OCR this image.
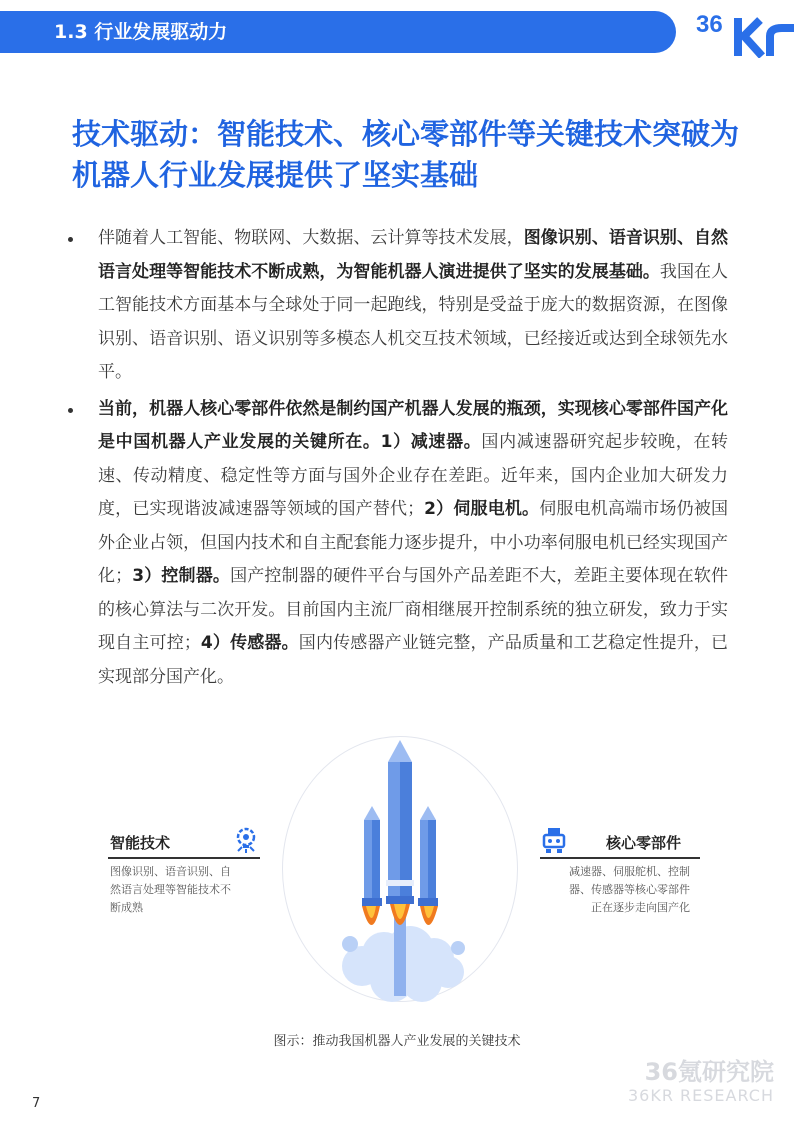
1.3 行业发展驱动力	36
技术驱动：智能技术、核心零部件等关键技术突破为机器人行业发展提供了坚实基础

伴随着人工智能、物联网、大数据、云计算等技术发展，图像识别、语音识别、自然语言处理等智能技术不断成熟，为智能机器人演进提供了坚实的发展基础。我国在人工智能技术方面基本与全球处于同一起跑线，特别是受益于庞大的数据资源，在图像识别、语音识别、语义识别等多模态人机交互技术领域，已经接近或达到全球领先水平。

当前，机器人核心零部件依然是制约国产机器人发展的瓶颈，实现核心零部件国产化是中国机器人产业发展的关键所在。1）减速器。国内减速器研究起步较晚，在转速、传动精度、稳定性等方面与国外企业存在差距。近年来，国内企业加大研发力度，已实现谐波减速器等领域的国产替代；2）伺服电机。伺服电机高端市场仍被国外企业占领，但国内技术和自主配套能力逐步提升，中小功率伺服电机已经实现国产化；3）控制器。国产控制器的硬件平台与国外产品差距不大，差距主要体现在软件的核心算法与二次开发。目前国内主流厂商相继展开控制系统的独立研发，致力于实现自主可控；4）传感器。国内传感器产业链完整，产品质量和工艺稳定性提升，已实现部分国产化。

智能技术

图像识别、语音识别、自
然语言处理等智能技术不
断成熟

核心零部件

减速器、伺服舵机、控制
器、传感器等核心零部件
正在逐步走向国产化

图示：推动我国机器人产业发展的关键技术
36氪研究院
36KR RESEARCH
7
